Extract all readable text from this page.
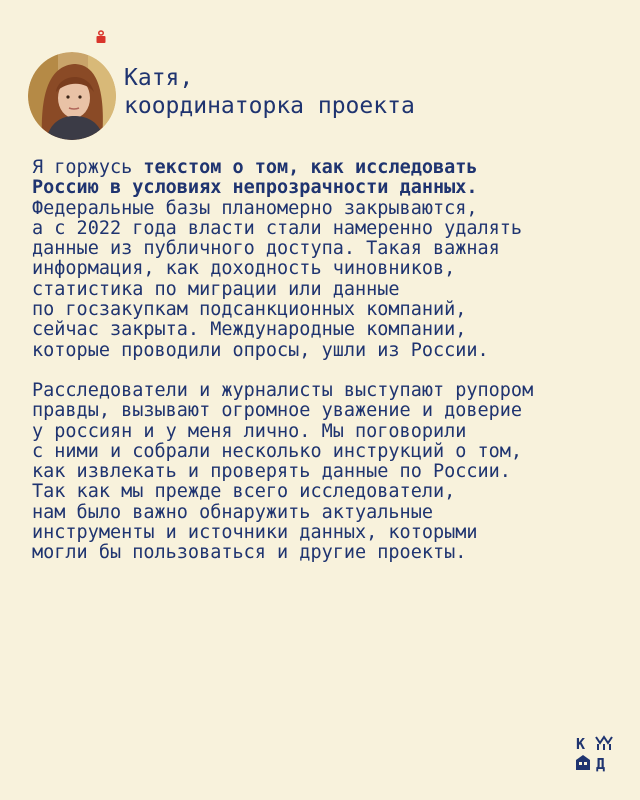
Катя,
координаторка проекта

Я горжусь текстом о том, как исследовать
Россию в условиях непрозрачности данных.
Федеральные базы планомерно закрываются,
а с 2022 года власти стали намеренно удалять
данные из публичного доступа. Такая важная
информация, как доходность чиновников,
статистика по миграции или данные
по госзакупкам подсанкционных компаний,
сейчас закрыта. Международные компании,
которые проводили опросы, ушли из России.

Расследователи и журналисты выступают рупором
правды, вызывают огромное уважение и доверие
у россиян и у меня лично. Мы поговорили
с ними и собрали несколько инструкций о том,
как извлекать и проверять данные по России.
Так как мы прежде всего исследователи,
нам было важно обнаружить актуальные
инструменты и источники данных, которыми
могли бы пользоваться и другие проекты.

К
Д
